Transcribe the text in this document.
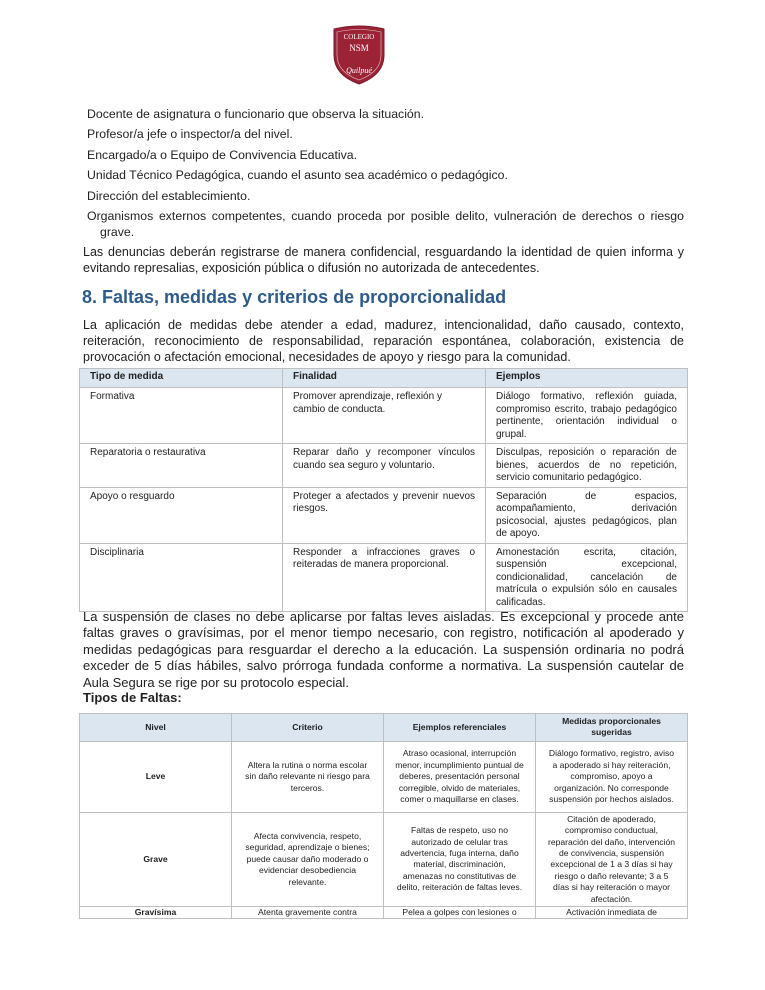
COLEGIO
NSM
Quilpué
Docente de asignatura o funcionario que observa la situación.
Profesor/a jefe o inspector/a del nivel.
Encargado/a o Equipo de Convivencia Educativa.
Unidad Técnico Pedagógica, cuando el asunto sea académico o pedagógico.
Dirección del establecimiento.
Organismos externos competentes, cuando proceda por posible delito, vulneración de derechos o riesgo grave.
Las denuncias deberán registrarse de manera confidencial, resguardando la identidad de quien informa y evitando represalias, exposición pública o difusión no autorizada de antecedentes.
8. Faltas, medidas y criterios de proporcionalidad
La aplicación de medidas debe atender a edad, madurez, intencionalidad, daño causado, contexto, reiteración, reconocimiento de responsabilidad, reparación espontánea, colaboración, existencia de provocación o afectación emocional, necesidades de apoyo y riesgo para la comunidad.
Tipo de medida	Finalidad	Ejemplos
Formativa	Promover aprendizaje, reflexión y cambio de conducta.	Diálogo formativo, reflexión guiada, compromiso escrito, trabajo pedagógico pertinente, orientación individual o grupal.
Reparatoria o restaurativa	Reparar daño y recomponer vínculos cuando sea seguro y voluntario.	Disculpas, reposición o reparación de bienes, acuerdos de no repetición, servicio comunitario pedagógico.
Apoyo o resguardo	Proteger a afectados y prevenir nuevos riesgos.	Separación de espacios, acompañamiento, derivación psicosocial, ajustes pedagógicos, plan de apoyo.
Disciplinaria	Responder a infracciones graves o reiteradas de manera proporcional.	Amonestación escrita, citación, suspensión excepcional, condicionalidad, cancelación de matrícula o expulsión sólo en causales calificadas.
La suspensión de clases no debe aplicarse por faltas leves aisladas. Es excepcional y procede ante faltas graves o gravísimas, por el menor tiempo necesario, con registro, notificación al apoderado y medidas pedagógicas para resguardar el derecho a la educación. La suspensión ordinaria no podrá exceder de 5 días hábiles, salvo prórroga fundada conforme a normativa. La suspensión cautelar de Aula Segura se rige por su protocolo especial.
Tipos de Faltas:
Nivel	Criterio	Ejemplos referenciales	Medidas proporcionales sugeridas
Leve	Altera la rutina o norma escolar sin daño relevante ni riesgo para terceros.	Atraso ocasional, interrupción menor, incumplimiento puntual de deberes, presentación personal corregible, olvido de materiales, comer o maquillarse en clases.	Diálogo formativo, registro, aviso a apoderado si hay reiteración, compromiso, apoyo a organización. No corresponde suspensión por hechos aislados.
Grave	Afecta convivencia, respeto, seguridad, aprendizaje o bienes; puede causar daño moderado o evidenciar desobediencia relevante.	Faltas de respeto, uso no autorizado de celular tras advertencia, fuga interna, daño material, discriminación, amenazas no constitutivas de delito, reiteración de faltas leves.	Citación de apoderado, compromiso conductual, reparación del daño, intervención de convivencia, suspensión excepcional de 1 a 3 días si hay riesgo o daño relevante; 3 a 5 días si hay reiteración o mayor afectación.
Gravísima	Atenta gravemente contra	Pelea a golpes con lesiones o	Activación inmediata de
